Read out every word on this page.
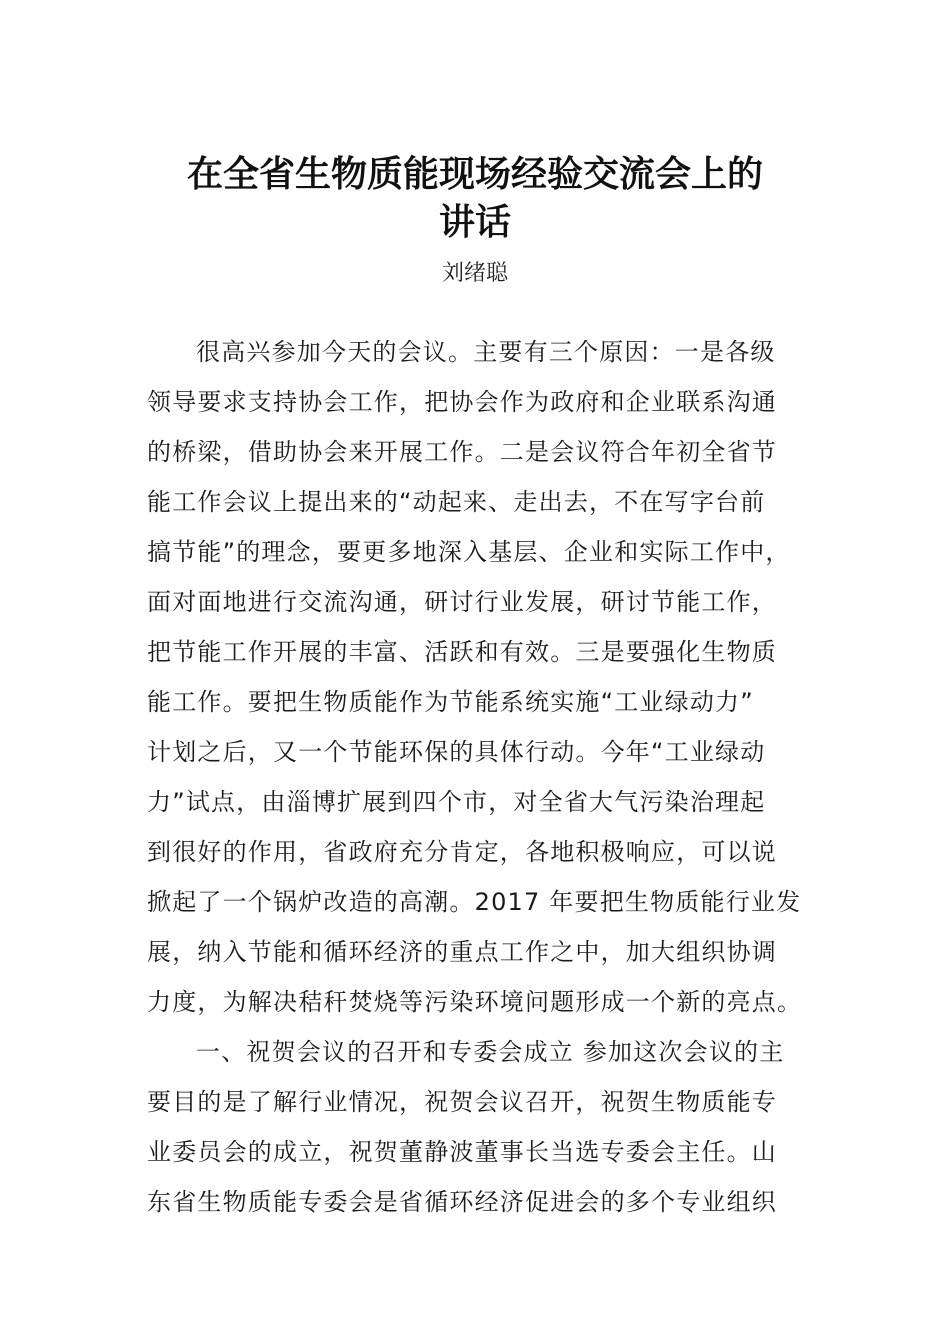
在全省生物质能现场经验交流会上的
讲话
刘绪聪
很高兴参加今天的会议。主要有三个原因：一是各级
领导要求支持协会工作，把协会作为政府和企业联系沟通
的桥梁，借助协会来开展工作。二是会议符合年初全省节
能工作会议上提出来的“动起来、走出去，不在写字台前
搞节能”的理念，要更多地深入基层、企业和实际工作中，
面对面地进行交流沟通，研讨行业发展，研讨节能工作，
把节能工作开展的丰富、活跃和有效。三是要强化生物质
能工作。要把生物质能作为节能系统实施“工业绿动力”
计划之后，又一个节能环保的具体行动。今年“工业绿动
力”试点，由淄博扩展到四个市，对全省大气污染治理起
到很好的作用，省政府充分肯定，各地积极响应，可以说
掀起了一个锅炉改造的高潮。2017 年要把生物质能行业发
展，纳入节能和循环经济的重点工作之中，加大组织协调
力度，为解决秸秆焚烧等污染环境问题形成一个新的亮点。
一、祝贺会议的召开和专委会成立 参加这次会议的主
要目的是了解行业情况，祝贺会议召开，祝贺生物质能专
业委员会的成立，祝贺董静波董事长当选专委会主任。山
东省生物质能专委会是省循环经济促进会的多个专业组织
